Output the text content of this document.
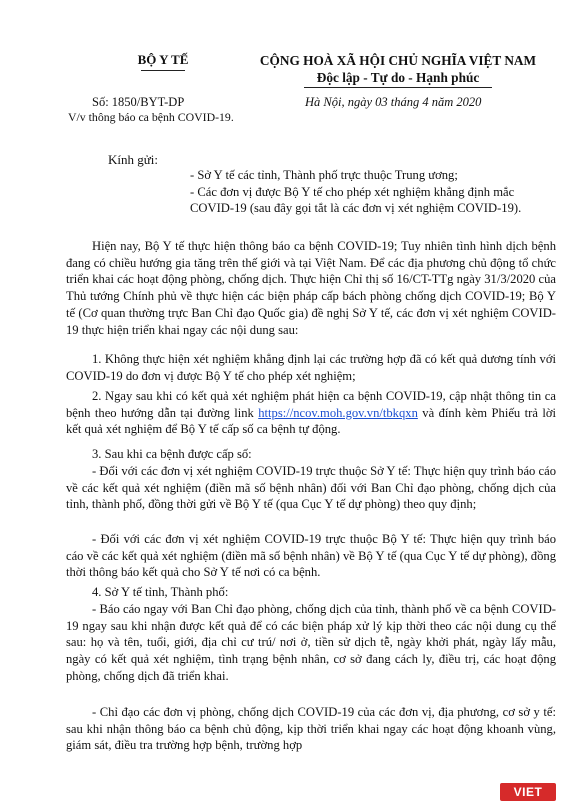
BỘ Y TẾ	CỘNG HOÀ XÃ HỘI CHỦ NGHĨA VIỆT NAM
Độc lập - Tự do - Hạnh phúc
Số: 1850/BYT-DP
V/v thông báo ca bệnh COVID-19.
Hà Nội, ngày 03 tháng 4 năm 2020
Kính gửi:
- Sở Y tế các tỉnh, Thành phố trực thuộc Trung ương;
- Các đơn vị được Bộ Y tế cho phép xét nghiệm khẳng định mắc COVID-19 (sau đây gọi tắt là các đơn vị xét nghiệm COVID-19).
Hiện nay, Bộ Y tế thực hiện thông báo ca bệnh COVID-19; Tuy nhiên tình hình dịch bệnh đang có chiều hướng gia tăng trên thế giới và tại Việt Nam. Để các địa phương chủ động tổ chức triển khai các hoạt động phòng, chống dịch. Thực hiện Chỉ thị số 16/CT-TTg ngày 31/3/2020 của Thủ tướng Chính phủ về thực hiện các biện pháp cấp bách phòng chống dịch COVID-19; Bộ Y tế (Cơ quan thường trực Ban Chỉ đạo Quốc gia) đề nghị Sở Y tế, các đơn vị xét nghiệm COVID-19 thực hiện triển khai ngay các nội dung sau:
1. Không thực hiện xét nghiệm khẳng định lại các trường hợp đã có kết quả dương tính với COVID-19 do đơn vị được Bộ Y tế cho phép xét nghiệm;
2. Ngay sau khi có kết quả xét nghiệm phát hiện ca bệnh COVID-19, cập nhật thông tin ca bệnh theo hướng dẫn tại đường link https://ncov.moh.gov.vn/tbkqxn và đính kèm Phiếu trả lời kết quả xét nghiệm để Bộ Y tế cấp số ca bệnh tự động.
3. Sau khi ca bệnh được cấp số:
- Đối với các đơn vị xét nghiệm COVID-19 trực thuộc Sở Y tế: Thực hiện quy trình báo cáo về các kết quả xét nghiệm (điền mã số bệnh nhân) đối với Ban Chỉ đạo phòng, chống dịch của tỉnh, thành phố, đồng thời gửi về Bộ Y tế (qua Cục Y tế dự phòng) theo quy định;
- Đối với các đơn vị xét nghiệm COVID-19 trực thuộc Bộ Y tế: Thực hiện quy trình báo cáo về các kết quả xét nghiệm (điền mã số bệnh nhân) về Bộ Y tế (qua Cục Y tế dự phòng), đồng thời thông báo kết quả cho Sở Y tế nơi có ca bệnh.
4. Sở Y tế tỉnh, Thành phố:
- Báo cáo ngay với Ban Chỉ đạo phòng, chống dịch của tỉnh, thành phố về ca bệnh COVID-19 ngay sau khi nhận được kết quả để có các biện pháp xử lý kịp thời theo các nội dung cụ thể sau: họ và tên, tuổi, giới, địa chỉ cư trú/ nơi ở, tiền sử dịch tễ, ngày khởi phát, ngày lấy mẫu, ngày có kết quả xét nghiệm, tình trạng bệnh nhân, cơ sở đang cách ly, điều trị, các hoạt động phòng, chống dịch đã triển khai.
- Chỉ đạo các đơn vị phòng, chống dịch COVID-19 của các đơn vị, địa phương, cơ sở y tế: sau khi nhận thông báo ca bệnh chủ động, kịp thời triển khai ngay các hoạt động khoanh vùng, giám sát, điều tra trường hợp bệnh, trường hợp
VIET
